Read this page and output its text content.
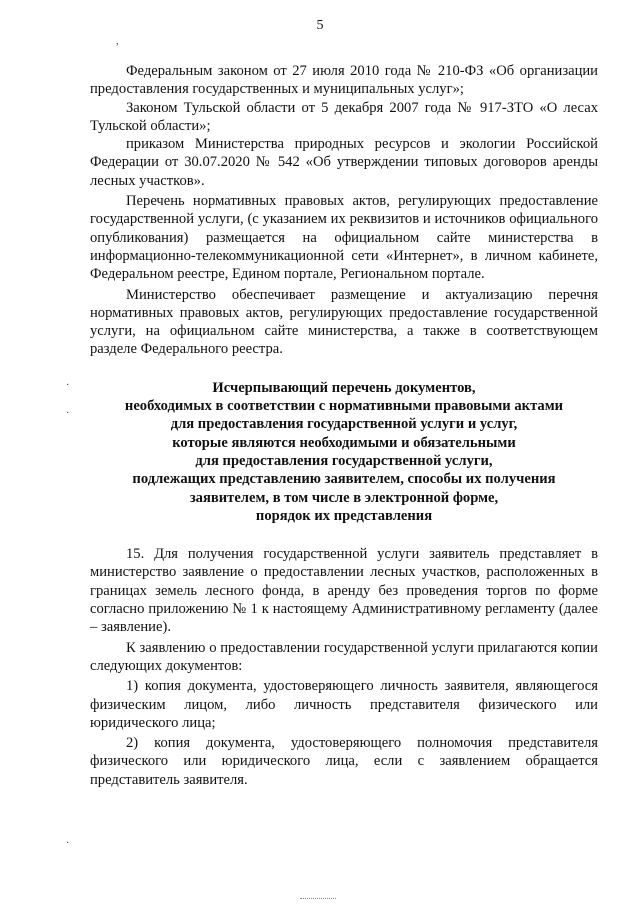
5

Федеральным законом от 27 июля 2010 года № 210-ФЗ «Об организации предоставления государственных и муниципальных услуг»;

Законом Тульской области от 5 декабря 2007 года № 917-ЗТО «О лесах Тульской области»;

приказом Министерства природных ресурсов и экологии Российской Федерации от 30.07.2020 № 542 «Об утверждении типовых договоров аренды лесных участков».

Перечень нормативных правовых актов, регулирующих предоставление государственной услуги, (с указанием их реквизитов и источников официального опубликования) размещается на официальном сайте министерства в информационно-телекоммуникационной сети «Интернет», в личном кабинете, Федеральном реестре, Едином портале, Региональном портале.

Министерство обеспечивает размещение и актуализацию перечня нормативных правовых актов, регулирующих предоставление государственной услуги, на официальном сайте министерства, а также в соответствующем разделе Федерального реестра.

Исчерпывающий перечень документов,
необходимых в соответствии с нормативными правовыми актами
для предоставления государственной услуги и услуг,
которые являются необходимыми и обязательными
для предоставления государственной услуги,
подлежащих представлению заявителем, способы их получения
заявителем, в том числе в электронной форме,
порядок их представления

15. Для получения государственной услуги заявитель представляет в министерство заявление о предоставлении лесных участков, расположенных в границах земель лесного фонда, в аренду без проведения торгов по форме согласно приложению № 1 к настоящему Административному регламенту (далее – заявление).

К заявлению о предоставлении государственной услуги прилагаются копии следующих документов:

1) копия документа, удостоверяющего личность заявителя, являющегося физическим лицом, либо личность представителя физического или юридического лица;

2) копия документа, удостоверяющего полномочия представителя физического или юридического лица, если с заявлением обращается представитель заявителя.

,
·
·
·
